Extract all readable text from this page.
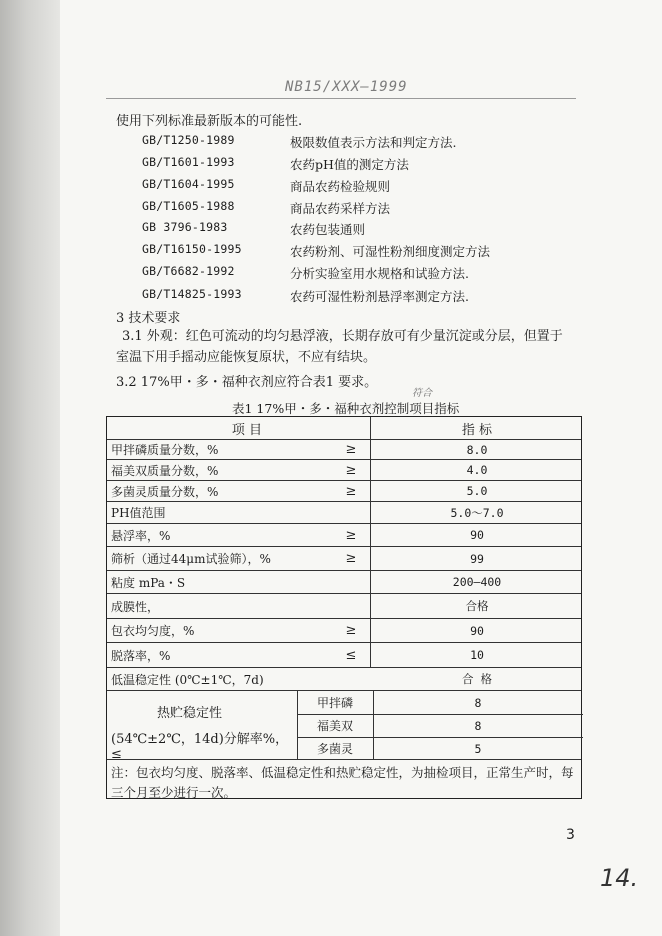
NB15/XXX—1999
使用下列标准最新版本的可能性.
GB/T1250-1989	极限数值表示方法和判定方法.
GB/T1601-1993	农药pH值的测定方法
GB/T1604-1995	商品农药检验规则
GB/T1605-1988	商品农药采样方法
GB 3796-1983	农药包装通则
GB/T16150-1995	农药粉剂、可湿性粉剂细度测定方法
GB/T6682-1992	分析实验室用水规格和试验方法.
GB/T14825-1993	农药可湿性粉剂悬浮率测定方法.
3 技术要求
3.1 外观：红色可流动的均匀悬浮液，长期存放可有少量沉淀或分层，但置于
室温下用手摇动应能恢复原状，不应有结块。
3.2 17%甲・多・福种衣剂应符合表1 要求。
符合
表1 17%甲・多・福种衣剂控制项目指标
项 目	指 标
甲拌磷质量分数，%	≥	8.0
福美双质量分数，%	≥	4.0
多菌灵质量分数，%	≥	5.0
PH值范围	5.0～7.0
悬浮率，%	≥	90
筛析（通过44μm试验筛），%	≥	99
粘度 mPa・S	200—400
成膜性，	合格
包衣均匀度，%	≥	90
脱落率，%	≤	10
低温稳定性 (0℃±1℃，7d)	合 格
热贮稳定性
(54℃±2℃，14d)分解率%，≤
甲拌磷	8
福美双	8
多菌灵	5
注：包衣均匀度、脱落率、低温稳定性和热贮稳定性，为抽检项目，正常生产时，每
三个月至少进行一次。
3
14.
